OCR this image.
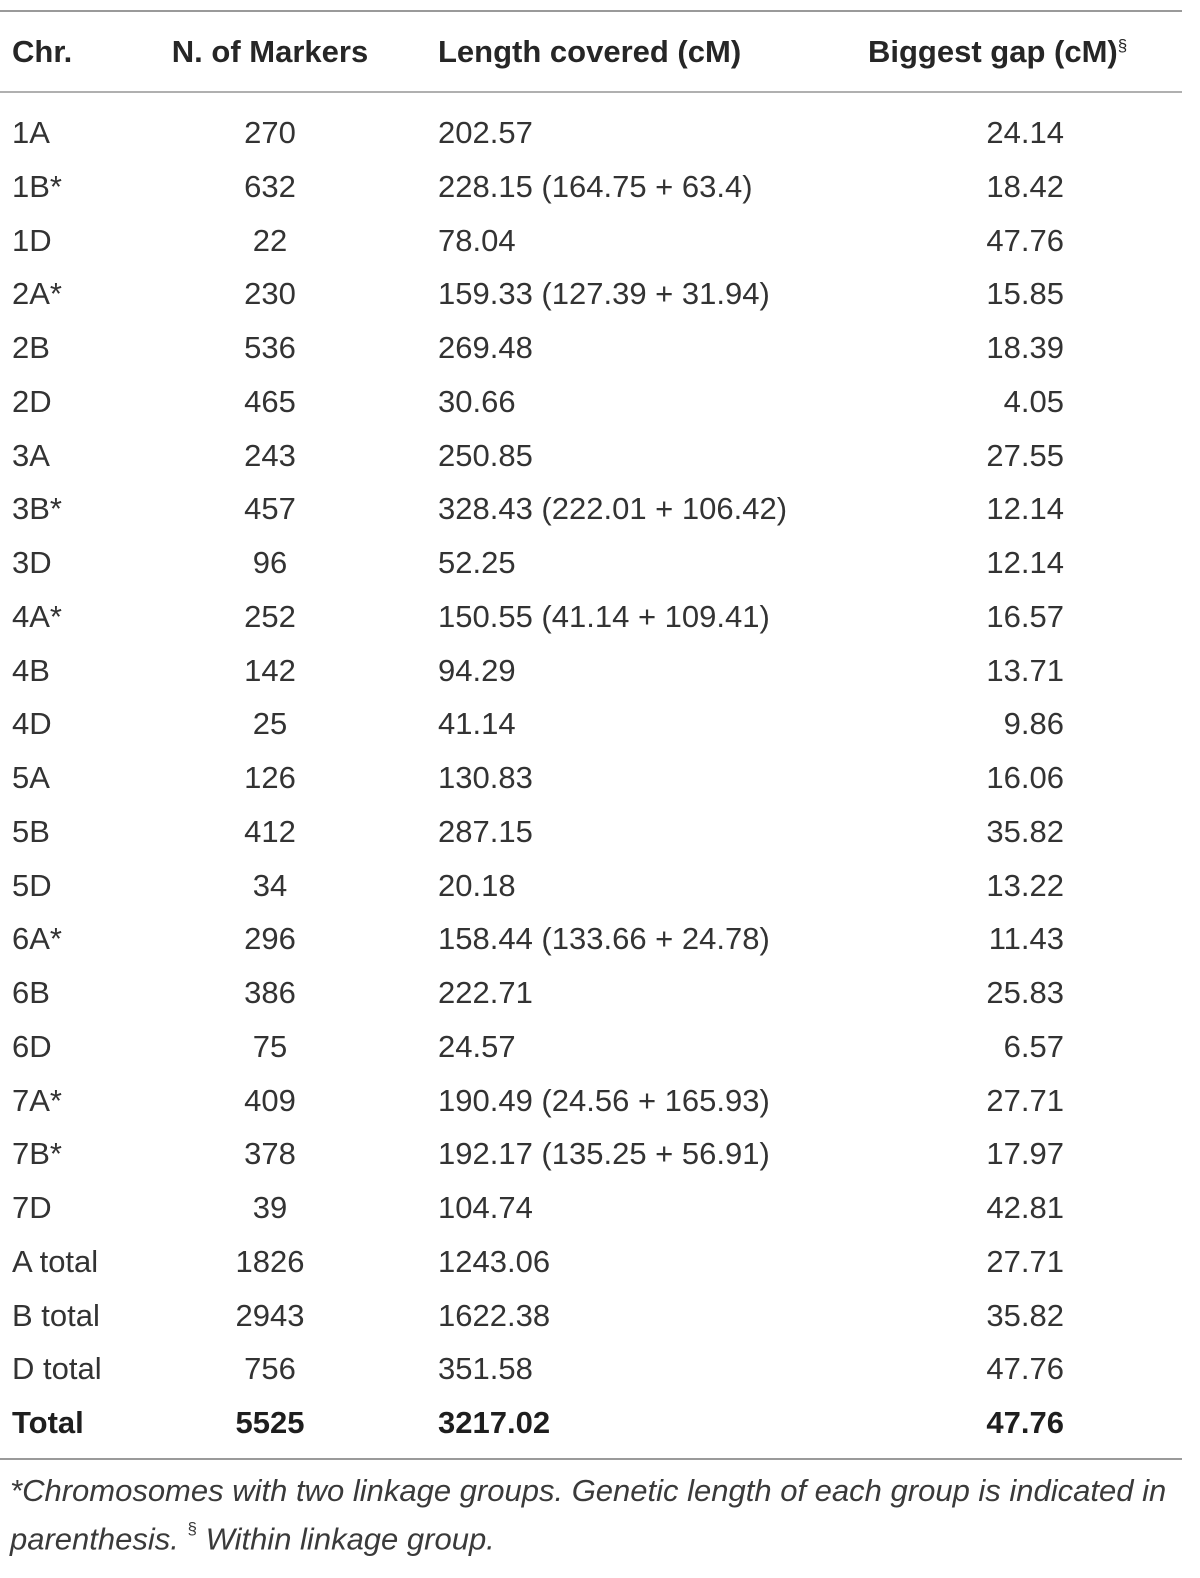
Chr.	N. of Markers	Length covered (cM)	Biggest gap (cM)§
1A	270	202.57	24.14
1B*	632	228.15 (164.75 + 63.4)	18.42
1D	22	78.04	47.76
2A*	230	159.33 (127.39 + 31.94)	15.85
2B	536	269.48	18.39
2D	465	30.66	4.05
3A	243	250.85	27.55
3B*	457	328.43 (222.01 + 106.42)	12.14
3D	96	52.25	12.14
4A*	252	150.55 (41.14 + 109.41)	16.57
4B	142	94.29	13.71
4D	25	41.14	9.86
5A	126	130.83	16.06
5B	412	287.15	35.82
5D	34	20.18	13.22
6A*	296	158.44 (133.66 + 24.78)	11.43
6B	386	222.71	25.83
6D	75	24.57	6.57
7A*	409	190.49 (24.56 + 165.93)	27.71
7B*	378	192.17 (135.25 + 56.91)	17.97
7D	39	104.74	42.81
A total	1826	1243.06	27.71
B total	2943	1622.38	35.82
D total	756	351.58	47.76
Total	5525	3217.02	47.76
*Chromosomes with two linkage groups. Genetic length of each group is indicated in parenthesis. § Within linkage group.
